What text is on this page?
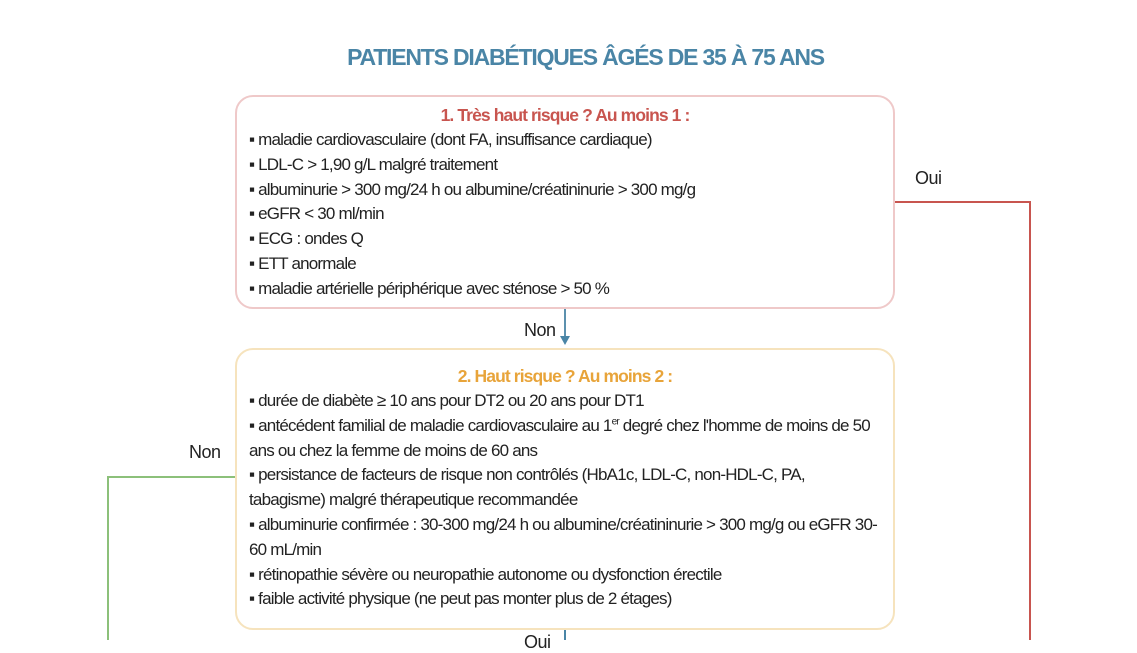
PATIENTS DIABÉTIQUES ÂGÉS DE 35 À 75 ANS
1. Très haut risque ? Au moins 1 :
▪ maladie cardiovasculaire (dont FA, insuffisance cardiaque)
▪ LDL-C > 1,90 g/L malgré traitement
▪ albuminurie > 300 mg/24 h ou albumine/créatininurie > 300 mg/g
▪ eGFR < 30 ml/min
▪ ECG : ondes Q
▪ ETT anormale
▪ maladie artérielle périphérique avec sténose > 50 %
2. Haut risque ? Au moins 2 :
▪ durée de diabète ≥ 10 ans pour DT2 ou 20 ans pour DT1
▪ antécédent familial de maladie cardiovasculaire au 1er degré chez l'homme de moins de 50 ans ou chez la femme de moins de 60 ans
▪ persistance de facteurs de risque non contrôlés (HbA1c, LDL-C, non-HDL-C, PA, tabagisme) malgré thérapeutique recommandée
▪ albuminurie confirmée : 30-300 mg/24 h ou albumine/créatininurie > 300 mg/g ou eGFR 30-60 mL/min
▪ rétinopathie sévère ou neuropathie autonome ou dysfonction érectile
▪ faible activité physique (ne peut pas monter plus de 2 étages)
Oui
Non
Non
Oui
